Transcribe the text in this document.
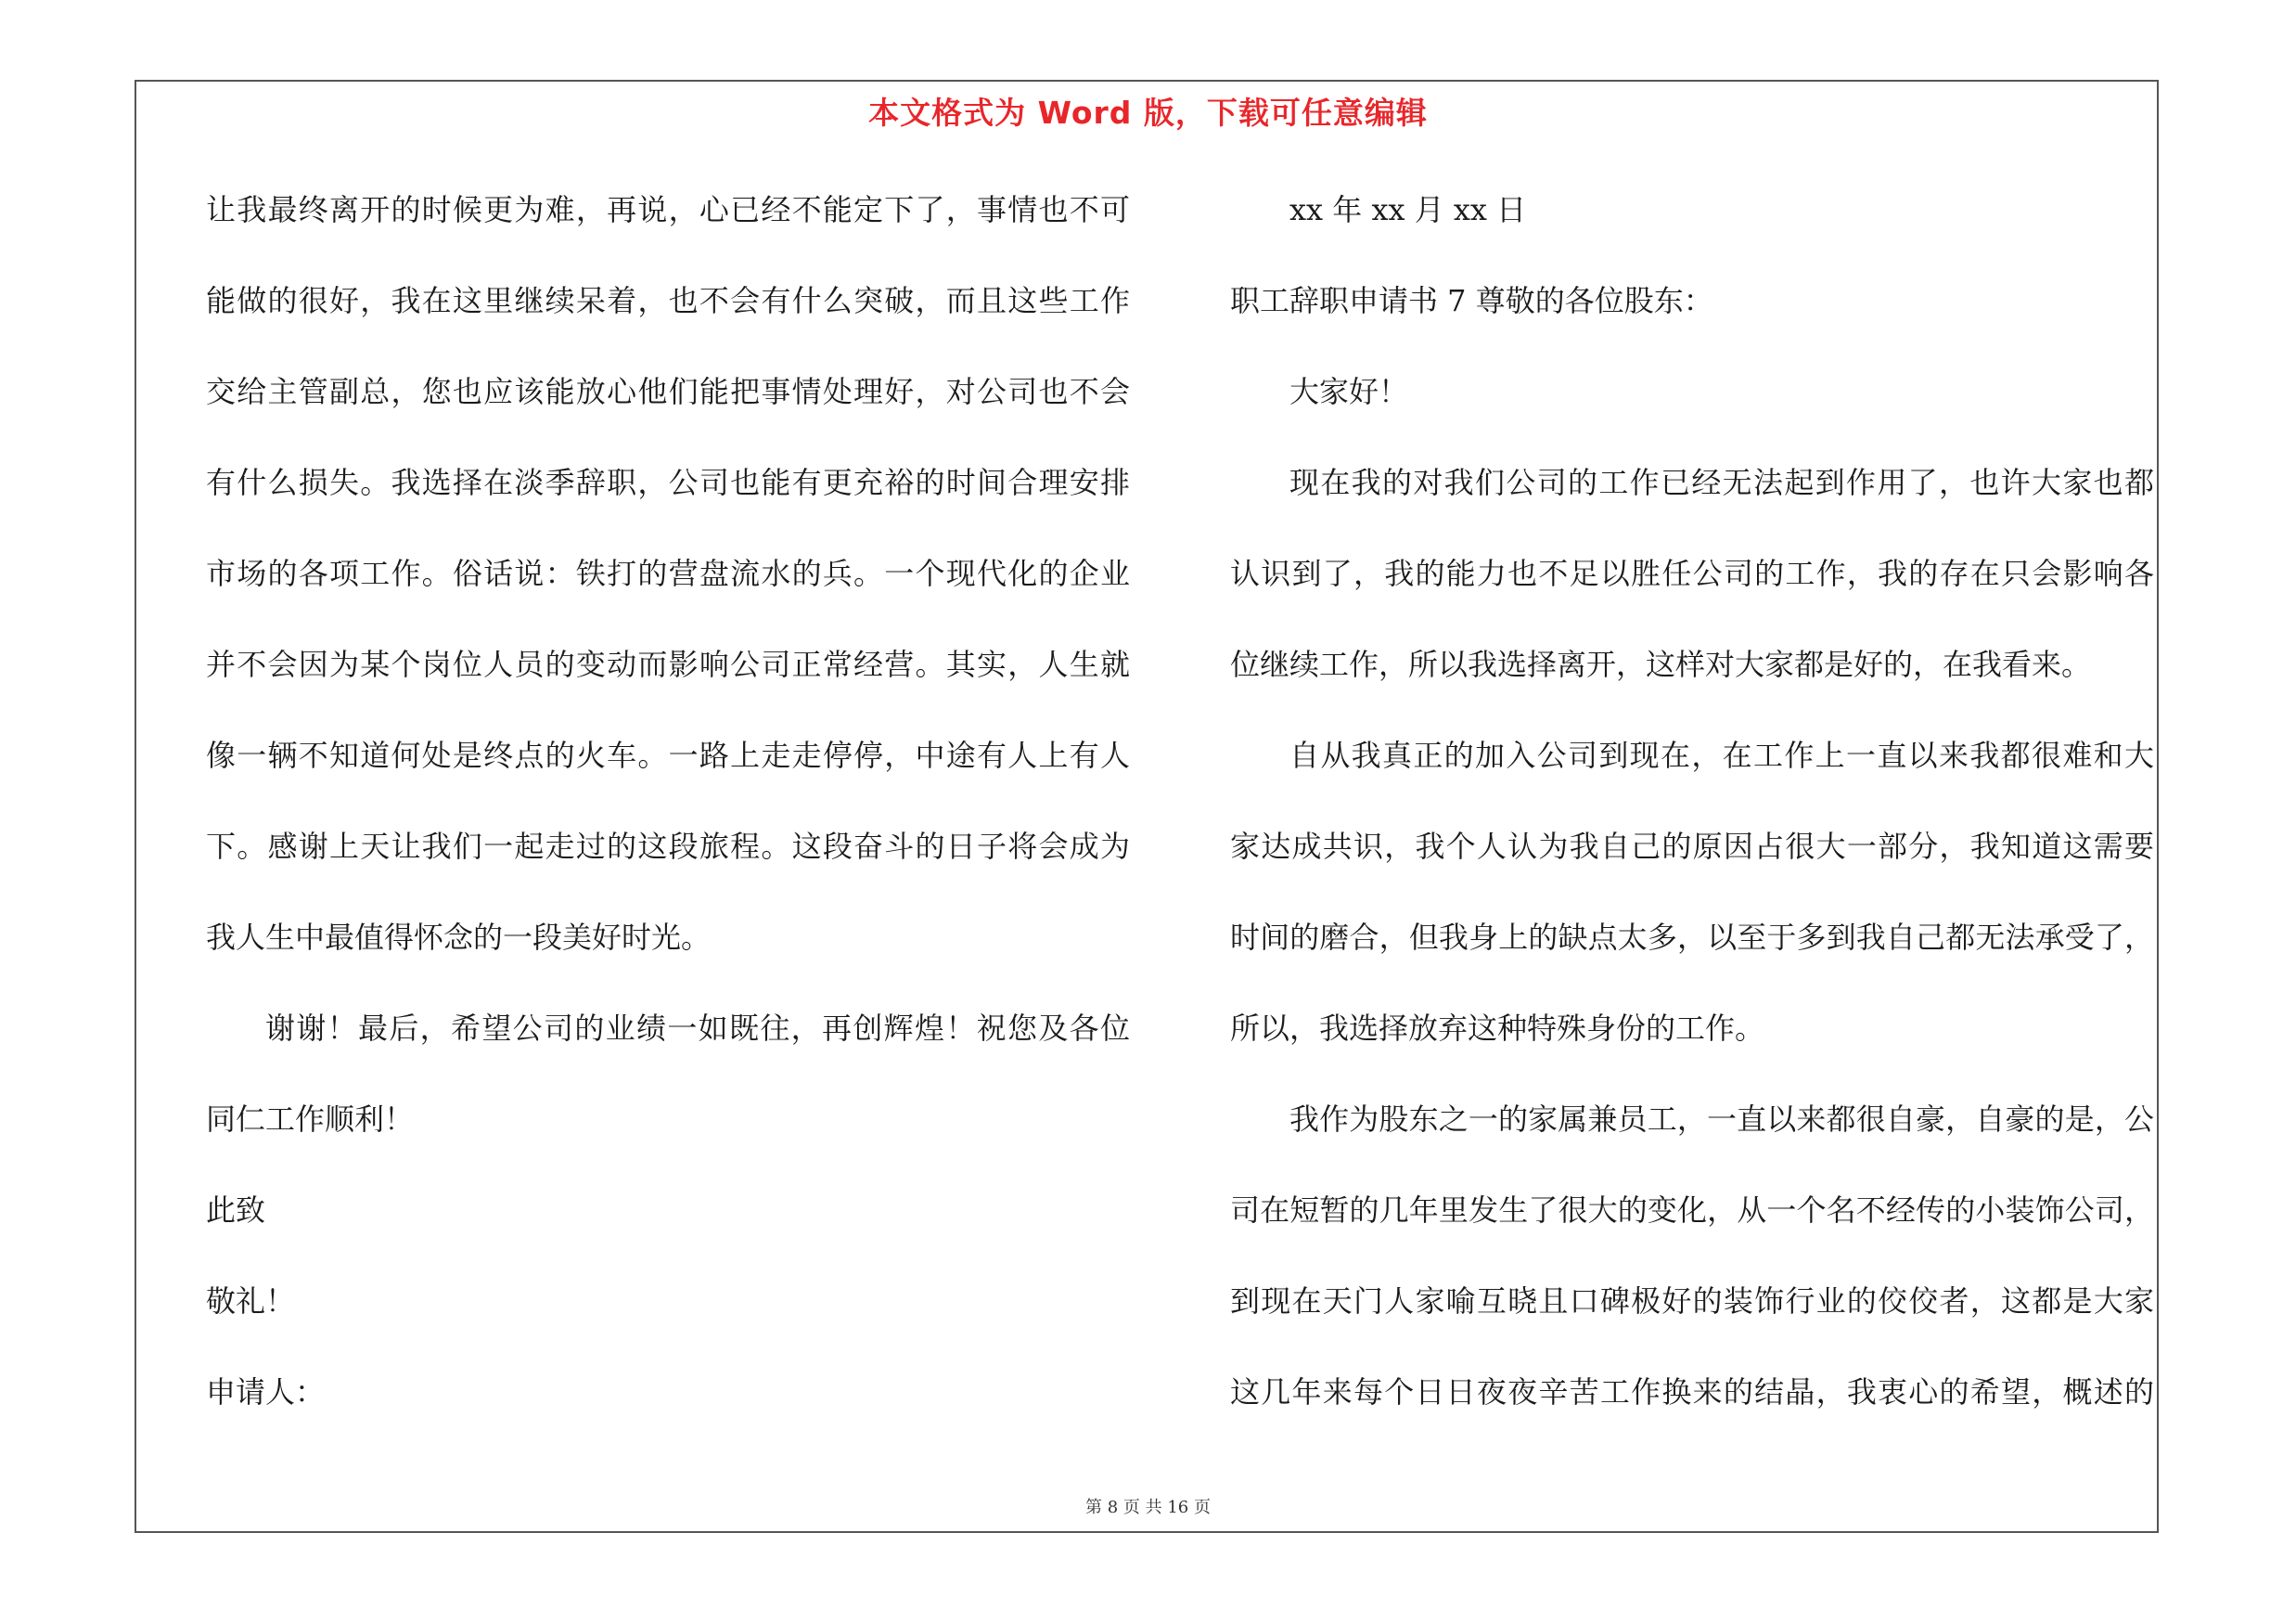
本文格式为 Word 版，下载可任意编辑
让我最终离开的时候更为难，再说，心已经不能定下了，事情也不可
能做的很好，我在这里继续呆着，也不会有什么突破，而且这些工作
交给主管副总，您也应该能放心他们能把事情处理好，对公司也不会
有什么损失。我选择在淡季辞职，公司也能有更充裕的时间合理安排
市场的各项工作。俗话说：铁打的营盘流水的兵。一个现代化的企业
并不会因为某个岗位人员的变动而影响公司正常经营。其实，人生就
像一辆不知道何处是终点的火车。一路上走走停停，中途有人上有人
下。感谢上天让我们一起走过的这段旅程。这段奋斗的日子将会成为
我人生中最值得怀念的一段美好时光。
谢谢！最后，希望公司的业绩一如既往，再创辉煌！祝您及各位
同仁工作顺利！
此致
敬礼！
申请人：
xx 年 xx 月 xx 日
职工辞职申请书 7 尊敬的各位股东：
大家好！
现在我的对我们公司的工作已经无法起到作用了，也许大家也都
认识到了，我的能力也不足以胜任公司的工作，我的存在只会影响各
位继续工作，所以我选择离开，这样对大家都是好的，在我看来。
自从我真正的加入公司到现在，在工作上一直以来我都很难和大
家达成共识，我个人认为我自己的原因占很大一部分，我知道这需要
时间的磨合，但我身上的缺点太多，以至于多到我自己都无法承受了，
所以，我选择放弃这种特殊身份的工作。
我作为股东之一的家属兼员工，一直以来都很自豪，自豪的是，公
司在短暂的几年里发生了很大的变化，从一个名不经传的小装饰公司，
到现在天门人家喻互晓且口碑极好的装饰行业的佼佼者，这都是大家
这几年来每个日日夜夜辛苦工作换来的结晶，我衷心的希望，概述的
第 8 页 共 16 页
